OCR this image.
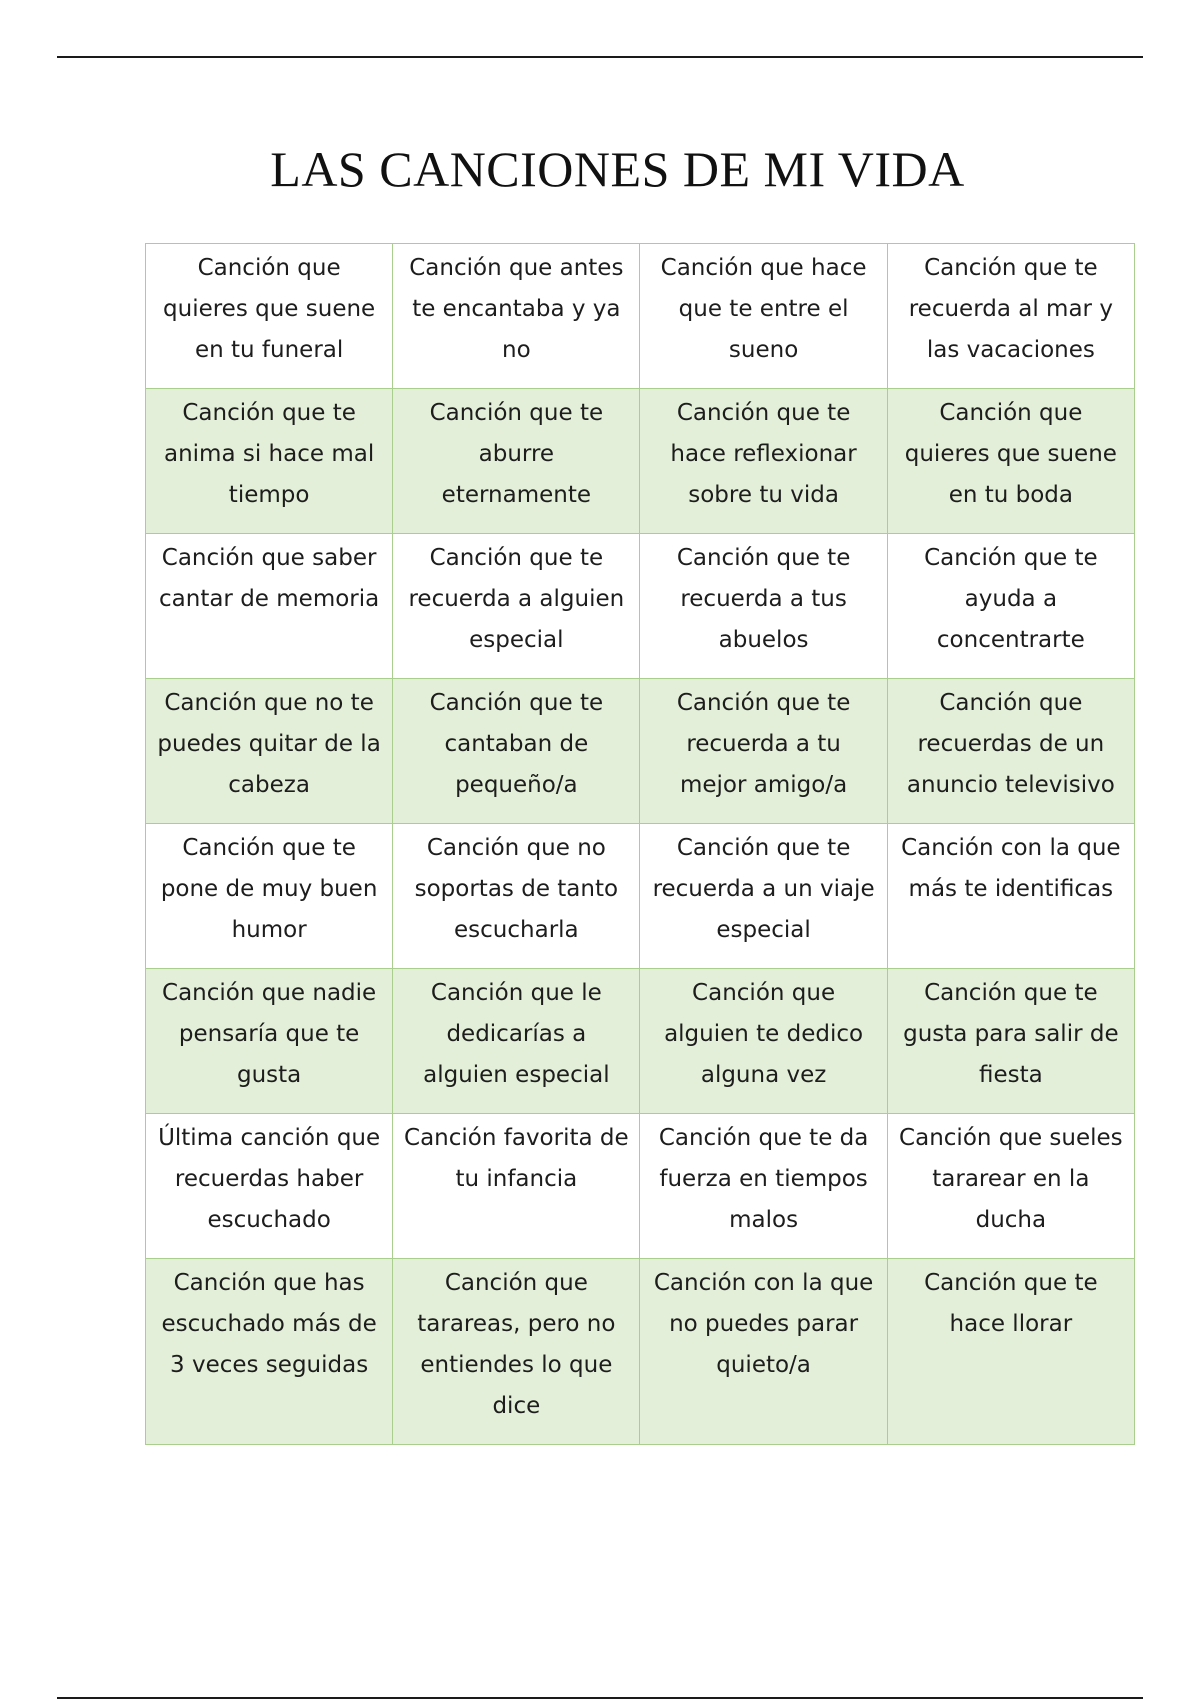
LAS CANCIONES DE MI VIDA
Canción que quieres que suene en tu funeral	Canción que antes te encantaba y ya no	Canción que hace que te entre el sueno	Canción que te recuerda al mar y las vacaciones
Canción que te anima si hace mal tiempo	Canción que te aburre eternamente	Canción que te hace reflexionar sobre tu vida	Canción que quieres que suene en tu boda
Canción que saber cantar de memoria	Canción que te recuerda a alguien especial	Canción que te recuerda a tus abuelos	Canción que te ayuda a concentrarte
Canción que no te puedes quitar de la cabeza	Canción que te cantaban de pequeño/a	Canción que te recuerda a tu mejor amigo/a	Canción que recuerdas de un anuncio televisivo
Canción que te pone de muy buen humor	Canción que no soportas de tanto escucharla	Canción que te recuerda a un viaje especial	Canción con la que más te identificas
Canción que nadie pensaría que te gusta	Canción que le dedicarías a alguien especial	Canción que alguien te dedico alguna vez	Canción que te gusta para salir de fiesta
Última canción que recuerdas haber escuchado	Canción favorita de tu infancia	Canción que te da fuerza en tiempos malos	Canción que sueles tararear en la ducha
Canción que has escuchado más de 3 veces seguidas	Canción que tarareas, pero no entiendes lo que dice	Canción con la que no puedes parar quieto/a	Canción que te hace llorar
